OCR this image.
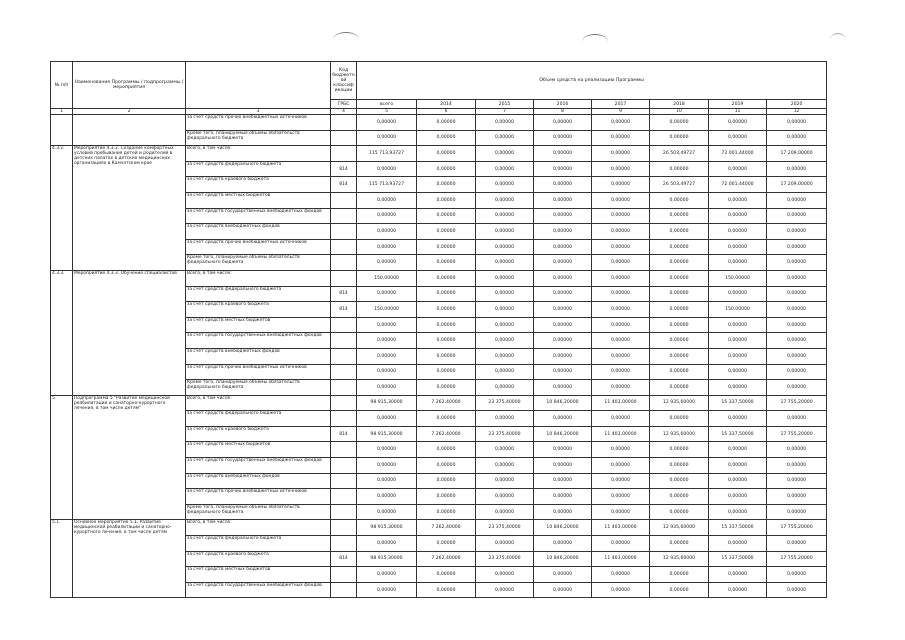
№ п/п	Наименование Программы / подпрограммы / мероприятия		Код бюджетной классификации	Объем средств на реализацию Программы							
			ГРБС	всего	2014	2015	2016	2017	2018	2019	2020
1	2	3	4	5	6	7	8	9	10	11	12
		за счет средств прочих внебюджетных источников		0,00000	0,00000	0,00000	0,00000	0,00000	0,00000	0,00000	0,00000
		Кроме того, планируемые объемы обязательств федерального бюджета		0,00000	0,00000	0,00000	0,00000	0,00000	0,00000	0,00000	0,00000
4.3.2.	Мероприятие 4.3.2. Создание комфортных условий пребывания детей и родителей в детских палатах в детских медицинских организациях в Камчатском крае	Всего, в том числе:		115 713,93727	0,00000	0,00000	0,00000	0,00000	26 503,49727	72 001,44000	17 209,00000
		за счет средств федерального бюджета	814	0,00000	0,00000	0,00000	0,00000	0,00000	0,00000	0,00000	0,00000
		за счет средств краевого бюджета	814	115 713,93727	0,00000	0,00000	0,00000	0,00000	26 503,49727	72 001,44000	17 209,00000
		за счет средств местных бюджетов		0,00000	0,00000	0,00000	0,00000	0,00000	0,00000	0,00000	0,00000
		за счет средств государственных внебюджетных фондов		0,00000	0,00000	0,00000	0,00000	0,00000	0,00000	0,00000	0,00000
		за счет средств внебюджетных фондов		0,00000	0,00000	0,00000	0,00000	0,00000	0,00000	0,00000	0,00000
		за счет средств прочих внебюджетных источников		0,00000	0,00000	0,00000	0,00000	0,00000	0,00000	0,00000	0,00000
		Кроме того, планируемые объемы обязательств федерального бюджета		0,00000	0,00000	0,00000	0,00000	0,00000	0,00000	0,00000	0,00000
4.3.3.	Мероприятие 4.3.3. Обучение специалистов	Всего, в том числе:		150,00000	0,00000	0,00000	0,00000	0,00000	0,00000	150,00000	0,00000
		за счет средств федерального бюджета	814	0,00000	0,00000	0,00000	0,00000	0,00000	0,00000	0,00000	0,00000
		за счет средств краевого бюджета	814	150,00000	0,00000	0,00000	0,00000	0,00000	0,00000	150,00000	0,00000
		за счет средств местных бюджетов		0,00000	0,00000	0,00000	0,00000	0,00000	0,00000	0,00000	0,00000
		за счет средств государственных внебюджетных фондов		0,00000	0,00000	0,00000	0,00000	0,00000	0,00000	0,00000	0,00000
		за счет средств внебюджетных фондов		0,00000	0,00000	0,00000	0,00000	0,00000	0,00000	0,00000	0,00000
		за счет средств прочих внебюджетных источников		0,00000	0,00000	0,00000	0,00000	0,00000	0,00000	0,00000	0,00000
		Кроме того, планируемые объемы обязательств федерального бюджета		0,00000	0,00000	0,00000	0,00000	0,00000	0,00000	0,00000	0,00000
5.	Подпрограмма 5 "Развитие медицинской реабилитации и санаторно-курортного лечения, в том числе детям"	Всего, в том числе:		98 915,30000	7 262,40000	23 375,40000	10 846,20000	11 403,00000	12 935,60000	15 337,50000	17 755,20000
		за счет средств федерального бюджета		0,00000	0,00000	0,00000	0,00000	0,00000	0,00000	0,00000	0,00000
		за счет средств краевого бюджета	814	98 915,30000	7 262,40000	23 375,40000	10 846,20000	11 403,00000	12 935,60000	15 337,50000	17 755,20000
		за счет средств местных бюджетов		0,00000	0,00000	0,00000	0,00000	0,00000	0,00000	0,00000	0,00000
		за счет средств государственных внебюджетных фондов		0,00000	0,00000	0,00000	0,00000	0,00000	0,00000	0,00000	0,00000
		за счет средств внебюджетных фондов		0,00000	0,00000	0,00000	0,00000	0,00000	0,00000	0,00000	0,00000
		за счет средств прочих внебюджетных источников		0,00000	0,00000	0,00000	0,00000	0,00000	0,00000	0,00000	0,00000
		Кроме того, планируемые объемы обязательств федерального бюджета		0,00000	0,00000	0,00000	0,00000	0,00000	0,00000	0,00000	0,00000
5.1.	Основное мероприятие 5.1. Развитие медицинской реабилитации и санаторно-курортного лечения, в том числе детям	Всего, в том числе:		98 915,30000	7 262,40000	23 375,40000	10 846,20000	11 403,00000	12 935,60000	15 337,50000	17 755,20000
		за счет средств федерального бюджета		0,00000	0,00000	0,00000	0,00000	0,00000	0,00000	0,00000	0,00000
		за счет средств краевого бюджета	814	98 915,30000	7 262,40000	23 375,40000	10 846,20000	11 403,00000	12 935,60000	15 337,50000	17 755,20000
		за счет средств местных бюджетов		0,00000	0,00000	0,00000	0,00000	0,00000	0,00000	0,00000	0,00000
		за счет средств государственных внебюджетных фондов		0,00000	0,00000	0,00000	0,00000	0,00000	0,00000	0,00000	0,00000
